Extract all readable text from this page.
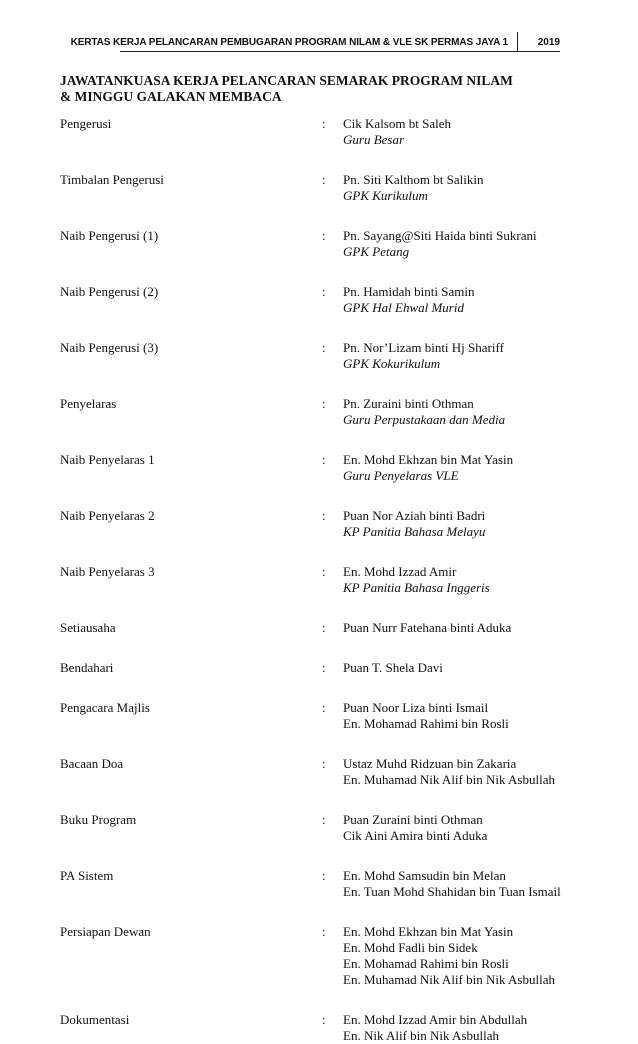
KERTAS KERJA PELANCARAN PEMBUGARAN PROGRAM NILAM & VLE SK PERMAS JAYA 1	2019
JAWATANKUASA KERJA PELANCARAN SEMARAK PROGRAM NILAM
& MINGGU GALAKAN MEMBACA
Pengerusi	:	Cik Kalsom bt Saleh
Guru Besar
Timbalan Pengerusi	:	Pn. Siti Kalthom bt Salikin
GPK Kurikulum
Naib Pengerusi (1)	:	Pn. Sayang@Siti Haida binti Sukrani
GPK Petang
Naib Pengerusi (2)	:	Pn. Hamidah binti Samin
GPK Hal Ehwal Murid
Naib Pengerusi (3)	:	Pn. Nor’Lizam binti Hj Shariff
GPK Kokurikulum
Penyelaras	:	Pn. Zuraini binti Othman
Guru Perpustakaan dan Media
Naib Penyelaras 1	:	En. Mohd Ekhzan bin Mat Yasin
Guru Penyelaras VLE
Naib Penyelaras 2	:	Puan Nor Aziah binti Badri
KP Panitia Bahasa Melayu
Naib Penyelaras 3	:	En. Mohd Izzad Amir
KP Panitia Bahasa Inggeris
Setiausaha	:	Puan Nurr Fatehana binti Aduka
Bendahari	:	Puan T. Shela Davi
Pengacara Majlis	:	Puan Noor Liza binti Ismail
En. Mohamad Rahimi bin Rosli
Bacaan Doa	:	Ustaz Muhd Ridzuan bin Zakaria
En. Muhamad Nik Alif bin Nik Asbullah
Buku Program	:	Puan Zuraini binti Othman
Cik Aini Amira binti Aduka
PA Sistem	:	En. Mohd Samsudin bin Melan
En. Tuan Mohd Shahidan bin Tuan Ismail
Persiapan Dewan	:	En. Mohd Ekhzan bin Mat Yasin
En. Mohd Fadli bin Sidek
En. Mohamad Rahimi bin Rosli
En. Muhamad Nik Alif bin Nik Asbullah
Dokumentasi	:	En. Mohd Izzad Amir bin Abdullah
En. Nik Alif bin Nik Asbullah
